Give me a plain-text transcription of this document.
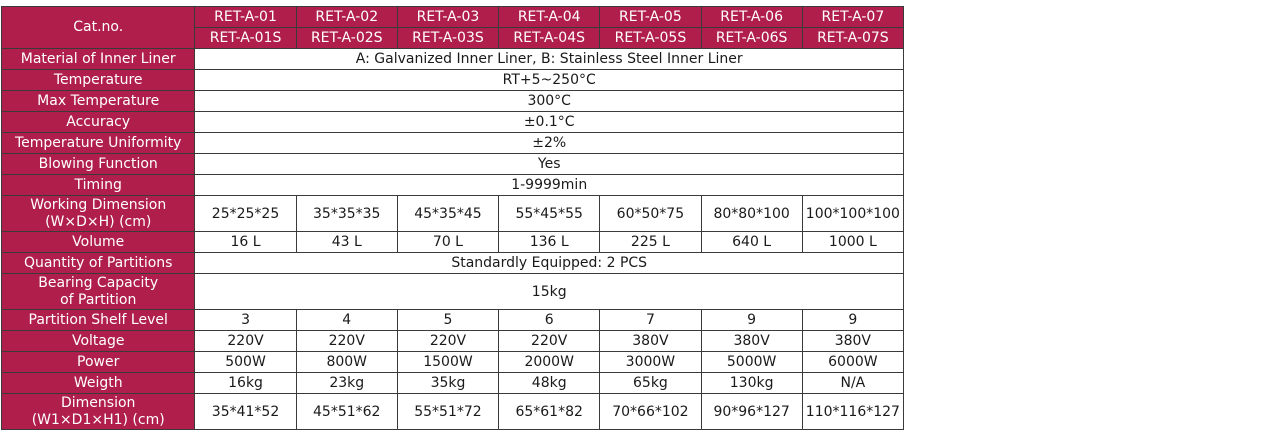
Cat.no.	RET-A-01	RET-A-02	RET-A-03	RET-A-04	RET-A-05	RET-A-06	RET-A-07
	RET-A-01S	RET-A-02S	RET-A-03S	RET-A-04S	RET-A-05S	RET-A-06S	RET-A-07S
Material of Inner Liner	A: Galvanized Inner Liner, B: Stainless Steel Inner Liner						
Temperature	RT+5~250°C						
Max Temperature	300°C						
Accuracy	±0.1°C						
Temperature Uniformity	±2%						
Blowing Function	Yes						
Timing	1-9999min						

Working Dimension
(W×D×H) (cm)	25*25*25	35*35*35	45*35*45	55*45*55	60*50*75	80*80*100	100*100*100
Volume	16 L	43 L	70 L	136 L	225 L	640 L	1000 L
Quantity of Partitions	Standardly Equipped: 2 PCS						

Bearing Capacity
of Partition	15kg						
Partition Shelf Level	3	4	5	6	7	9	9
Voltage	220V	220V	220V	220V	380V	380V	380V
Power	500W	800W	1500W	2000W	3000W	5000W	6000W
Weigth	16kg	23kg	35kg	48kg	65kg	130kg	N/A

Dimension
(W1×D1×H1) (cm)	35*41*52	45*51*62	55*51*72	65*61*82	70*66*102	90*96*127	110*116*127
